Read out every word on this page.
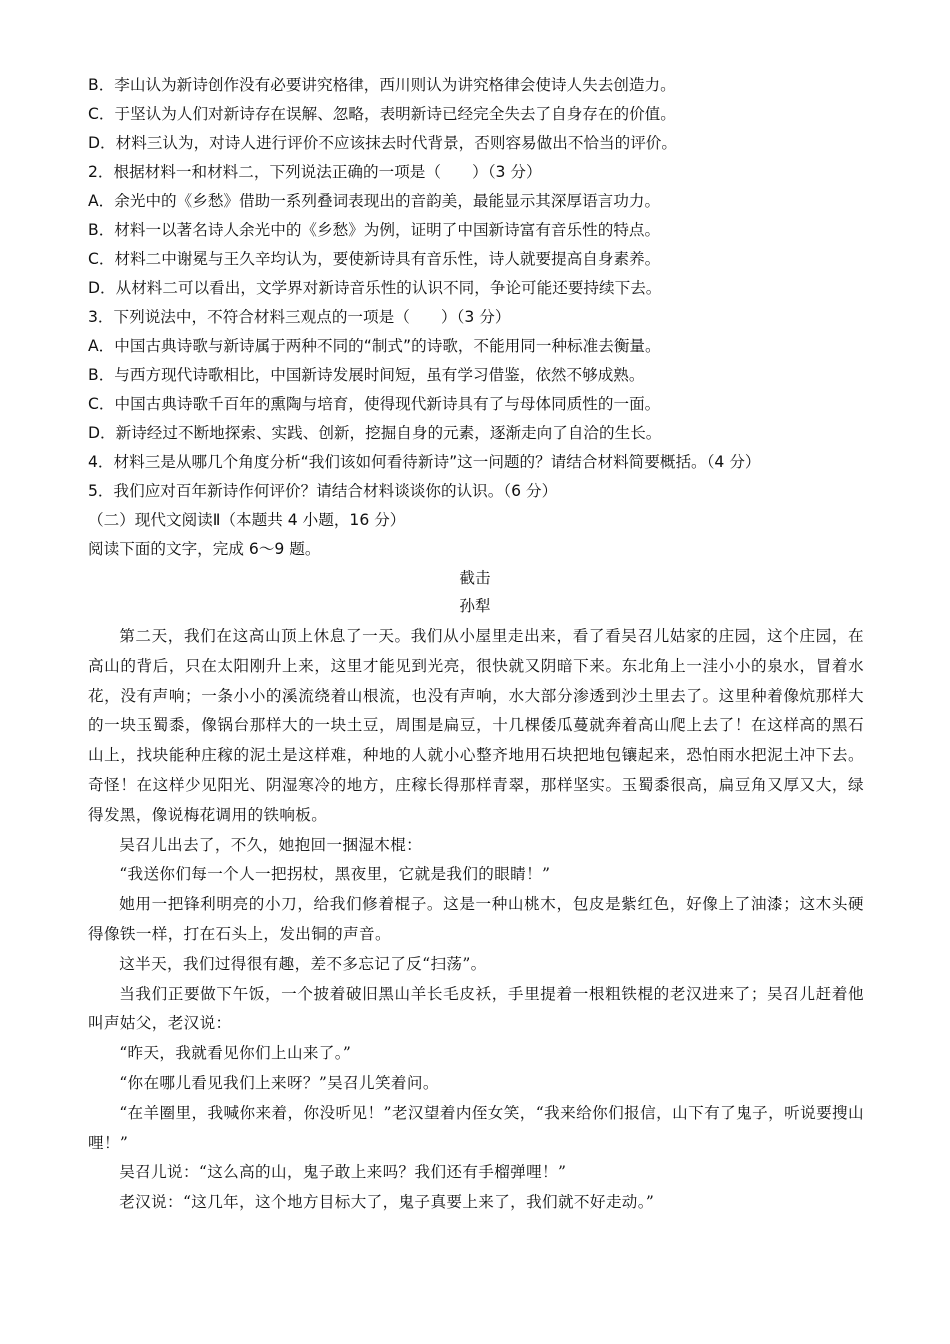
B．李山认为新诗创作没有必要讲究格律，西川则认为讲究格律会使诗人失去创造力。
C．于坚认为人们对新诗存在误解、忽略，表明新诗已经完全失去了自身存在的价值。
D．材料三认为，对诗人进行评价不应该抹去时代背景，否则容易做出不恰当的评价。
2．根据材料一和材料二，下列说法正确的一项是（　　）（3 分）
A．余光中的《乡愁》借助一系列叠词表现出的音韵美，最能显示其深厚语言功力。
B．材料一以著名诗人余光中的《乡愁》为例，证明了中国新诗富有音乐性的特点。
C．材料二中谢冕与王久辛均认为，要使新诗具有音乐性，诗人就要提高自身素养。
D．从材料二可以看出，文学界对新诗音乐性的认识不同，争论可能还要持续下去。
3．下列说法中，不符合材料三观点的一项是（　　）（3 分）
A．中国古典诗歌与新诗属于两种不同的“制式”的诗歌，不能用同一种标准去衡量。
B．与西方现代诗歌相比，中国新诗发展时间短，虽有学习借鉴，依然不够成熟。
C．中国古典诗歌千百年的熏陶与培育，使得现代新诗具有了与母体同质性的一面。
D．新诗经过不断地探索、实践、创新，挖掘自身的元素，逐渐走向了自洽的生长。
4．材料三是从哪几个角度分析“我们该如何看待新诗”这一问题的？请结合材料简要概括。（4 分）
5．我们应对百年新诗作何评价？请结合材料谈谈你的认识。（6 分）
（二）现代文阅读Ⅱ（本题共 4 小题，16 分）
阅读下面的文字，完成 6～9 题。
截击
孙犁

第二天，我们在这高山顶上休息了一天。我们从小屋里走出来，看了看吴召儿姑家的庄园，这个庄园，在高山的背后，只在太阳刚升上来，这里才能见到光亮，很快就又阴暗下来。东北角上一洼小小的泉水，冒着水花，没有声响；一条小小的溪流绕着山根流，也没有声响，水大部分渗透到沙土里去了。这里种着像炕那样大的一块玉蜀黍，像锅台那样大的一块土豆，周围是扁豆，十几棵倭瓜蔓就奔着高山爬上去了！在这样高的黑石山上，找块能种庄稼的泥土是这样难，种地的人就小心整齐地用石块把地包镶起来，恐怕雨水把泥土冲下去。奇怪！在这样少见阳光、阴湿寒冷的地方，庄稼长得那样青翠，那样坚实。玉蜀黍很高，扁豆角又厚又大，绿得发黑，像说梅花调用的铁响板。

吴召儿出去了，不久，她抱回一捆湿木棍：

“我送你们每一个人一把拐杖，黑夜里，它就是我们的眼睛！”

她用一把锋利明亮的小刀，给我们修着棍子。这是一种山桃木，包皮是紫红色，好像上了油漆；这木头硬得像铁一样，打在石头上，发出铜的声音。

这半天，我们过得很有趣，差不多忘记了反“扫荡”。

当我们正要做下午饭，一个披着破旧黑山羊长毛皮袄，手里提着一根粗铁棍的老汉进来了；吴召儿赶着他叫声姑父，老汉说：

“昨天，我就看见你们上山来了。”

“你在哪儿看见我们上来呀？”吴召儿笑着问。

“在羊圈里，我喊你来着，你没听见！”老汉望着内侄女笑，“我来给你们报信，山下有了鬼子，听说要搜山哩！”

吴召儿说：“这么高的山，鬼子敢上来吗？我们还有手榴弹哩！”

老汉说：“这几年，这个地方目标大了，鬼子真要上来了，我们就不好走动。”
